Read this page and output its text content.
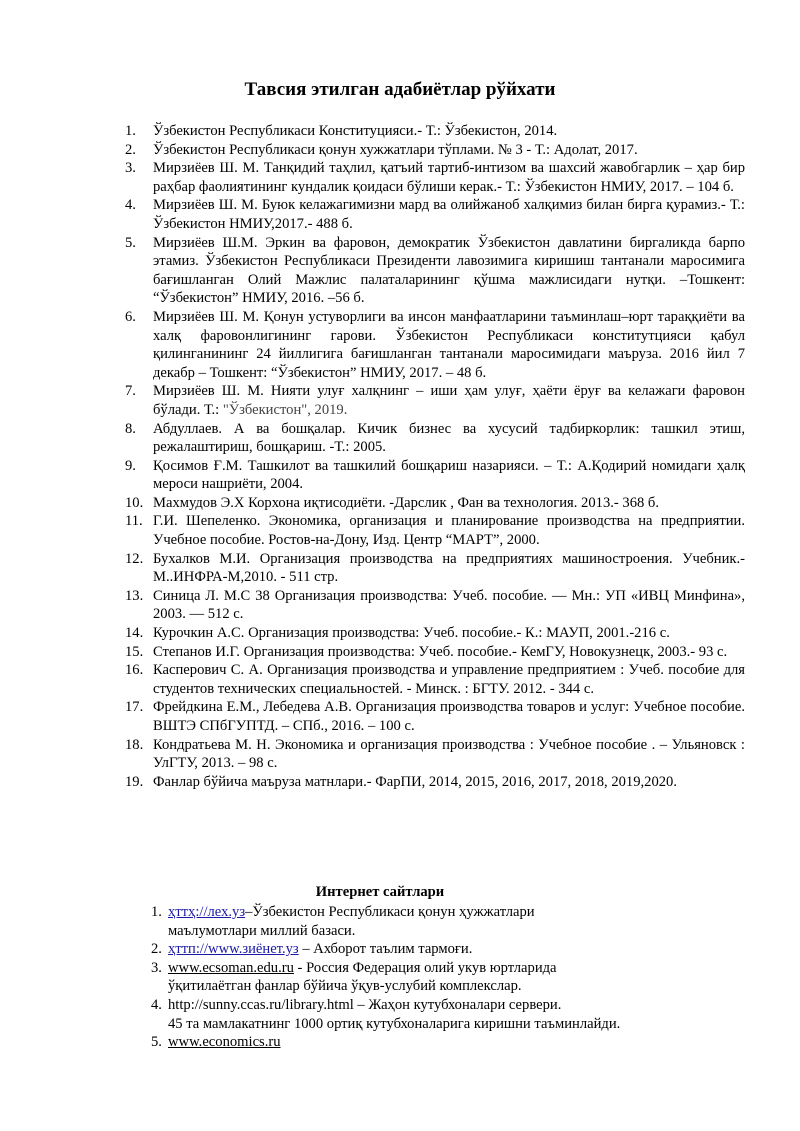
Тавсия этилган адабиётлар рўйхати
1. Ўзбекистон Республикаси Конституцияси.- Т.: Ўзбекистон, 2014.
2. Ўзбекистон Республикаси қонун хужжатлари тўплами. № 3 - Т.: Адолат, 2017.
3. Мирзиёев Ш. М. Танқидий таҳлил, қатъий тартиб-интизом ва шахсий жавобгарлик – ҳар бир раҳбар фаолиятининг кундалик қоидаси бўлиши керак.- Т.: Ўзбекистон НМИУ, 2017. – 104 б.
4. Мирзиёев Ш. М. Буюк келажагимизни мард ва олийжаноб халқимиз билан бирга қурамиз.- Т.: Ўзбекистон НМИУ,2017.- 488 б.
5. Мирзиёев Ш.М. Эркин ва фаровон, демократик Ўзбекистон давлатини биргаликда барпо этамиз. Ўзбекистон Республикаси Президенти лавозимига киришиш тантанали маросимига бағишланган Олий Мажлис палаталарининг қўшма мажлисидаги нутқи. –Тошкент: “Ўзбекистон” НМИУ, 2016. –56 б.
6. Мирзиёев Ш. М. Қонун устуворлиги ва инсон манфаатларини таъминлаш–юрт тараққиёти ва халқ фаровонлигининг гарови. Ўзбекистон Республикаси конститутцияси қабул қилинганининг 24 йиллигига бағишланган тантанали маросимидаги маъруза. 2016 йил 7 декабр – Тошкент: “Ўзбекистон” НМИУ, 2017. – 48 б.
7. Мирзиёев Ш. М. Нияти улуғ халқнинг – иши ҳам улуғ, ҳаёти ёруғ ва келажаги фаровон бўлади. Т.: "Ўзбекистон", 2019.
8. Абдуллаев. А ва бошқалар. Кичик бизнес ва хусусий тадбиркорлик: ташкил этиш, режалаштириш, бошқариш. -Т.: 2005.
9. Қосимов Ғ.М. Ташкилот ва ташкилий бошқариш назарияси. – Т.: А.Қодирий номидаги ҳалқ мероси нашриёти, 2004.
10. Махмудов Э.Х Корхона иқтисодиёти. -Дарслик , Фан ва технология. 2013.- 368 б.
11. Г.И. Шепеленко. Экономика, организация и планирование производства на предприятии. Учебное пособие. Ростов-на-Дону, Изд. Центр “МАРТ”, 2000.
12. Бухалков М.И. Организация производства на предприятиях машиностроения. Учебник.-М..ИНФРА-М,2010. - 511 стр.
13. Синица Л. М.С 38 Организация производства: Учеб. пособие. — Мн.: УП «ИВЦ Минфина», 2003. — 512 с.
14. Курочкин А.С. Организация производства: Учеб. пособие.- К.: МАУП, 2001.-216 с.
15. Степанов И.Г. Организация производства: Учеб. пособие.- КемГУ, Новокузнецк, 2003.- 93 с.
16. Касперович С. А. Организация производства и управление предприятием : Учеб. пособие для студентов технических специальностей. - Минск. : БГТУ. 2012. - 344 с.
17. Фрейдкина Е.М., Лебедева А.В. Организация производства товаров и услуг: Учебное пособие. ВШТЭ СПбГУПТД. – СПб., 2016. – 100 с.
18. Кондратьева М. Н. Экономика и организация производства : Учебное пособие . – Ульяновск : УлГТУ, 2013. – 98 с.
19. Фанлар бўйича маъруза матнлари.- ФарПИ, 2014, 2015, 2016, 2017, 2018, 2019,2020.
Интернет сайтлари
1. ҳттҳ://лех.уз–Ўзбекистон Республикаси қонун ҳужжатлари
маълумотлари миллий базаси.
2. ҳттп://www.зиёнет.уз – Ахборот таълим тармоғи.
3. www.ecsoman.edu.ru - Россия Федерация олий укув юртларида
ўқитилаётган фанлар бўйича ўқув-услубий комплекслар.
4. http://sunny.ccas.ru/library.html – Жаҳон кутубхоналари сервери.
45 та мамлакатнинг 1000 ортиқ кутубхоналарига киришни таъминлайди.
5. www.economics.ru
